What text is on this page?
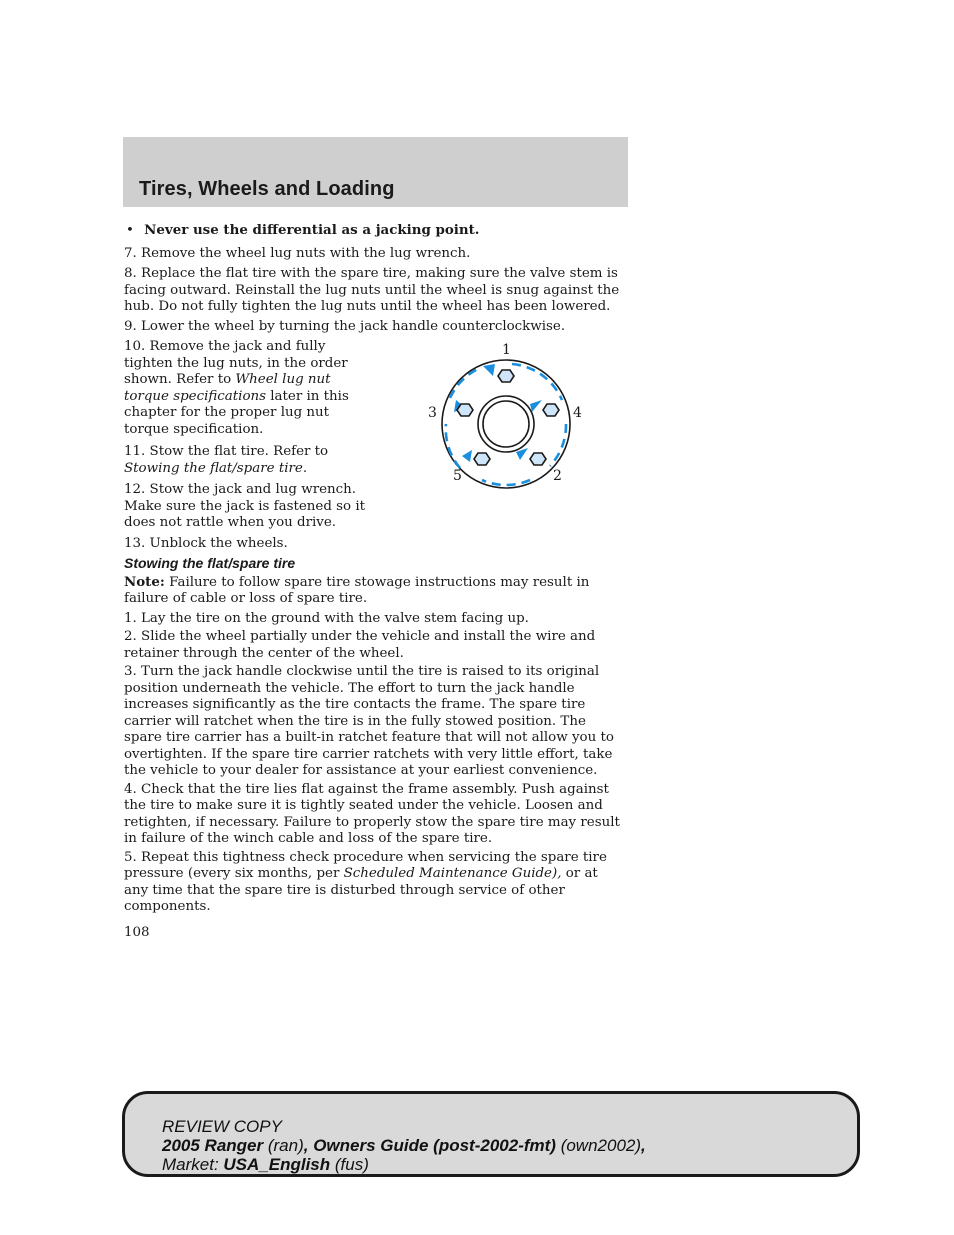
Tires, Wheels and Loading

• Never use the differential as a jacking point.

7. Remove the wheel lug nuts with the lug wrench.

8. Replace the flat tire with the spare tire, making sure the valve stem is facing outward. Reinstall the lug nuts until the wheel is snug against the hub. Do not fully tighten the lug nuts until the wheel has been lowered.

9. Lower the wheel by turning the jack handle counterclockwise.

10. Remove the jack and fully tighten the lug nuts, in the order shown. Refer to Wheel lug nut torque specifications later in this chapter for the proper lug nut torque specification.

11. Stow the flat tire. Refer to Stowing the flat/spare tire.

12. Stow the jack and lug wrench. Make sure the jack is fastened so it does not rattle when you drive.

13. Unblock the wheels.

1
4
3
5	2

Stowing the flat/spare tire

Note: Failure to follow spare tire stowage instructions may result in failure of cable or loss of spare tire.

1. Lay the tire on the ground with the valve stem facing up.

2. Slide the wheel partially under the vehicle and install the wire and retainer through the center of the wheel.

3. Turn the jack handle clockwise until the tire is raised to its original position underneath the vehicle. The effort to turn the jack handle increases significantly as the tire contacts the frame. The spare tire carrier will ratchet when the tire is in the fully stowed position. The spare tire carrier has a built-in ratchet feature that will not allow you to overtighten. If the spare tire carrier ratchets with very little effort, take the vehicle to your dealer for assistance at your earliest convenience.

4. Check that the tire lies flat against the frame assembly. Push against the tire to make sure it is tightly seated under the vehicle. Loosen and retighten, if necessary. Failure to properly stow the spare tire may result in failure of the winch cable and loss of the spare tire.

5. Repeat this tightness check procedure when servicing the spare tire pressure (every six months, per Scheduled Maintenance Guide), or at any time that the spare tire is disturbed through service of other components.

108
REVIEW COPY
2005 Ranger (ran), Owners Guide (post-2002-fmt) (own2002),
Market: USA_English (fus)
